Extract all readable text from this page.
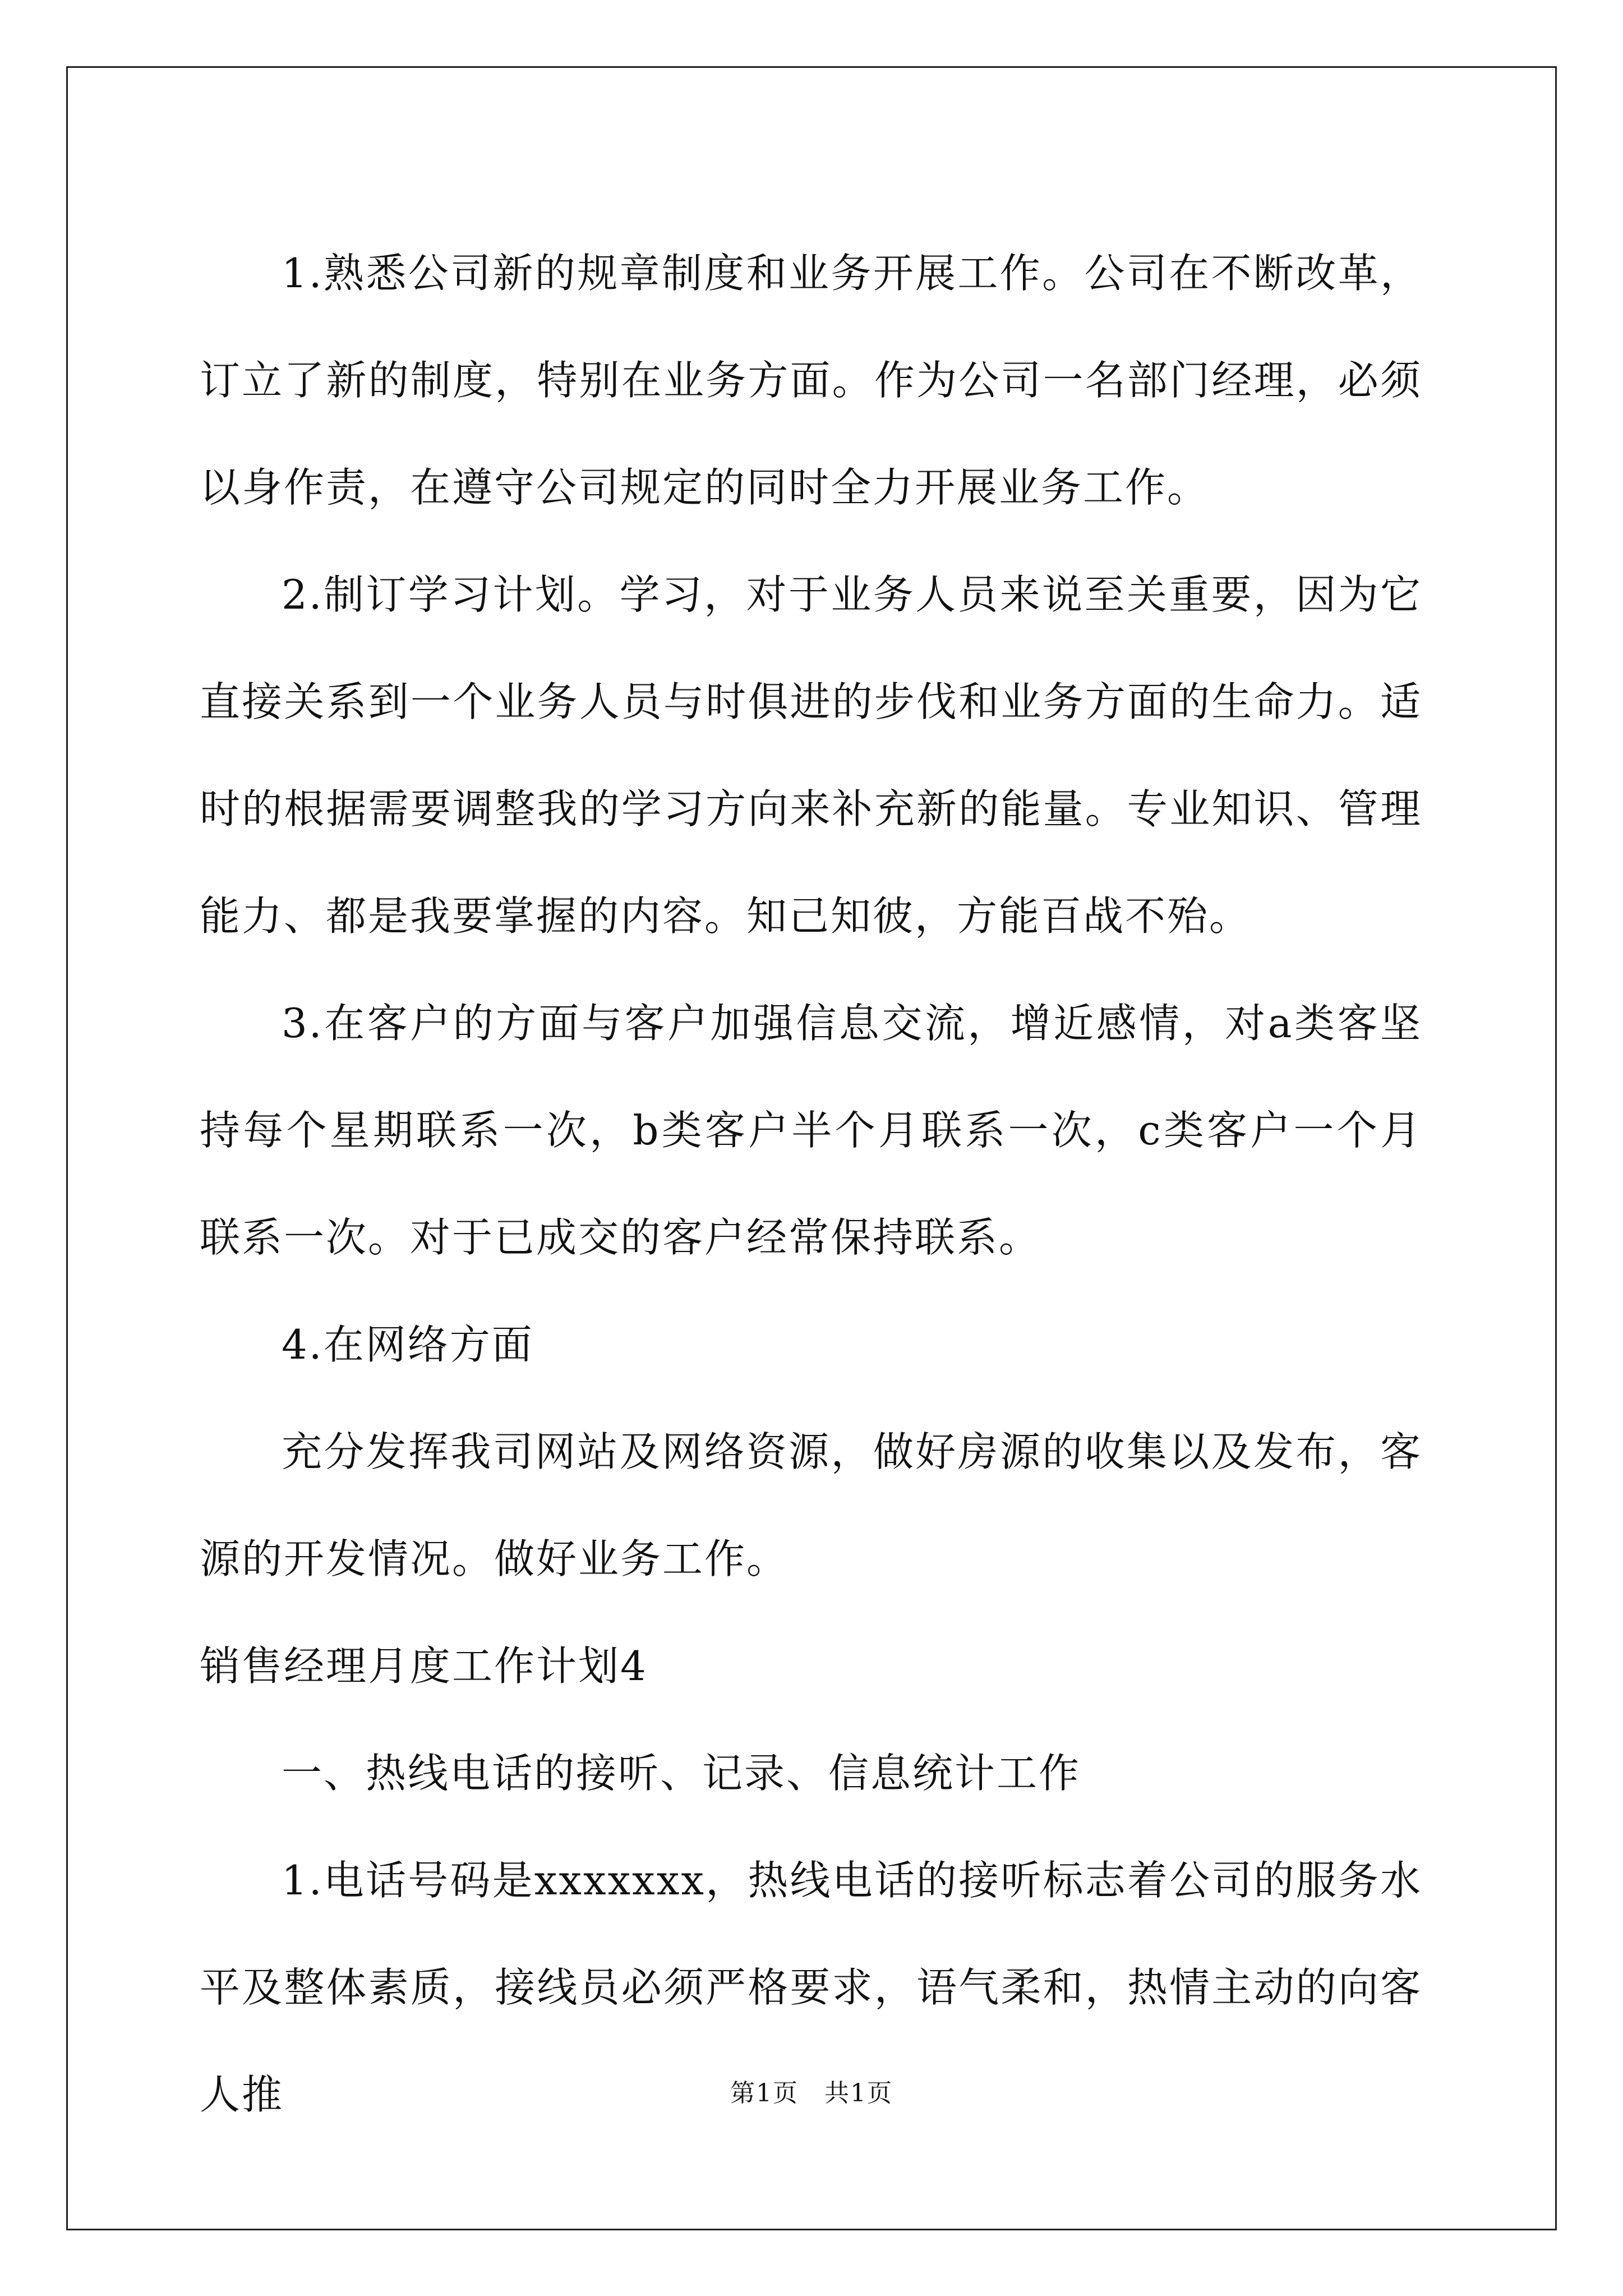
1.熟悉公司新的规章制度和业务开展工作。公司在不断改革，订立了新的制度，特别在业务方面。作为公司一名部门经理，必须以身作责，在遵守公司规定的同时全力开展业务工作。

2.制订学习计划。学习，对于业务人员来说至关重要，因为它直接关系到一个业务人员与时俱进的步伐和业务方面的生命力。适时的根据需要调整我的学习方向来补充新的能量。专业知识、管理能力、都是我要掌握的内容。知己知彼，方能百战不殆。

3.在客户的方面与客户加强信息交流，增近感情，对a类客坚持每个星期联系一次，b类客户半个月联系一次，c类客户一个月联系一次。对于已成交的客户经常保持联系。

4.在网络方面

充分发挥我司网站及网络资源，做好房源的收集以及发布，客源的开发情况。做好业务工作。

销售经理月度工作计划4

一、热线电话的接听、记录、信息统计工作

1.电话号码是xxxxxxx，热线电话的接听标志着公司的服务水平及整体素质，接线员必须严格要求，语气柔和，热情主动的向客人推	第1页　共1页
